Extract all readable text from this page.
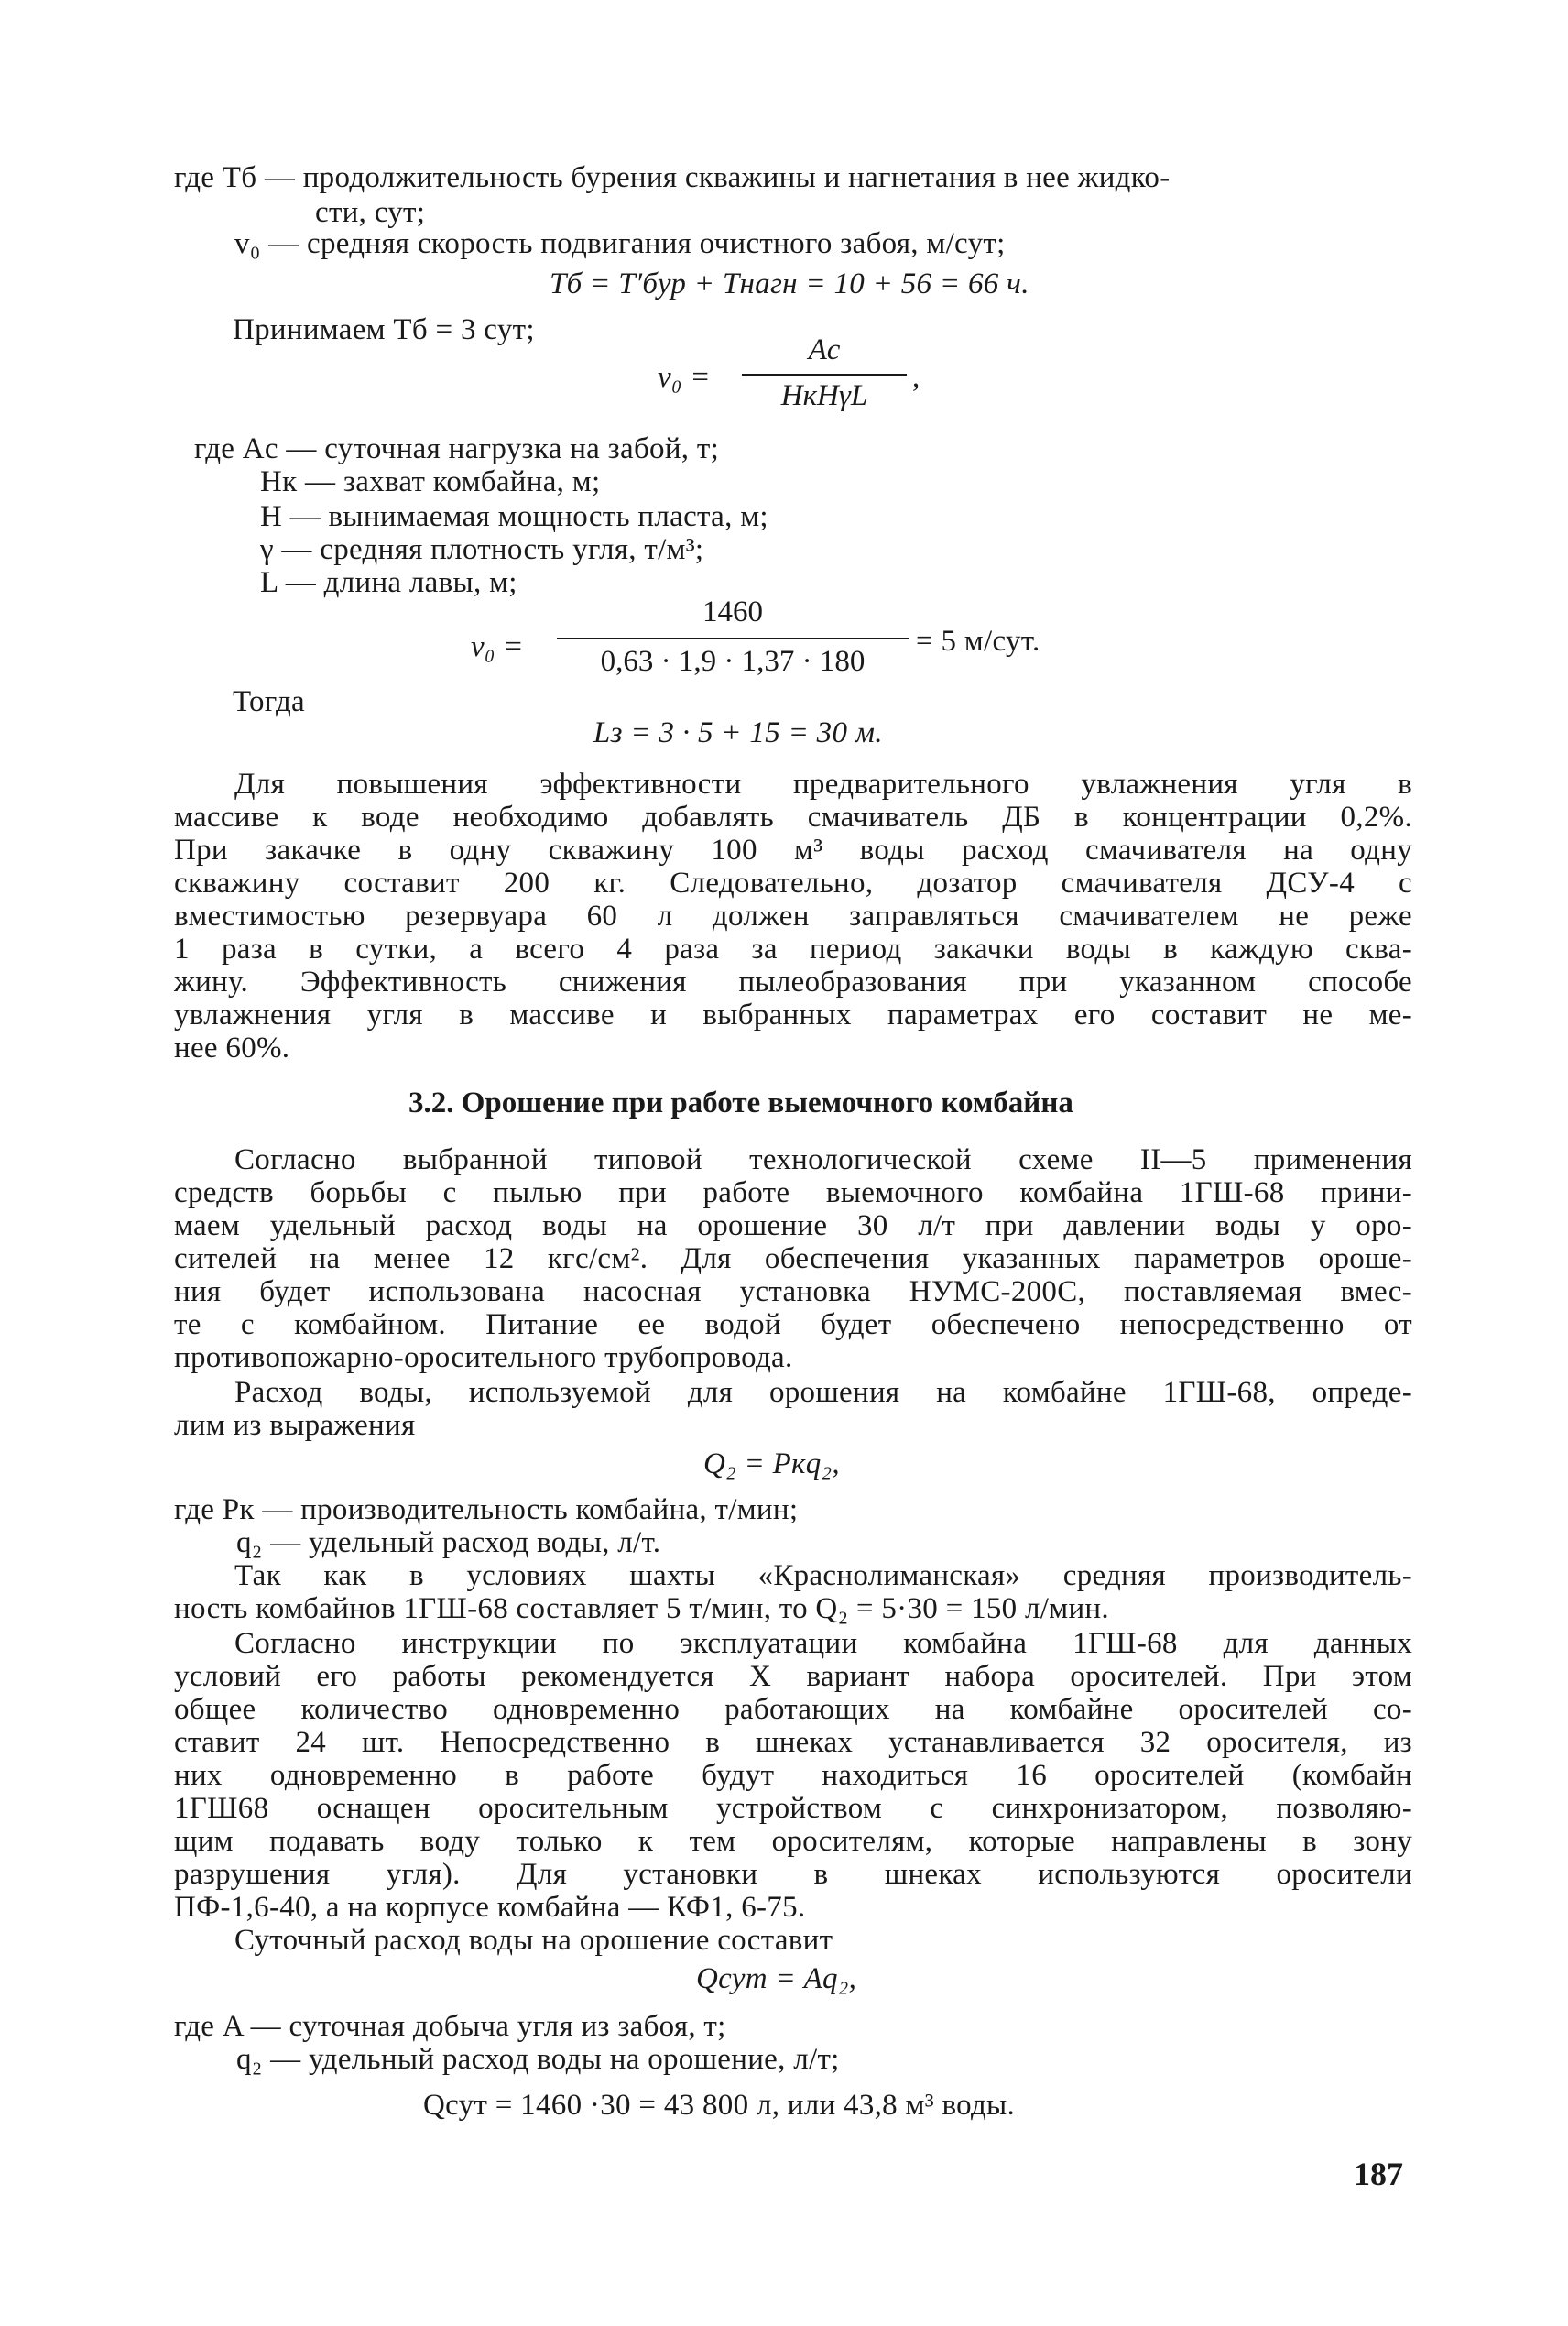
где Tб — продолжительность бурения скважины и нагнетания в нее жидко-
сти, сут;
v₀ — средняя скорость подвигания очистного забоя, м/сут;
Tб = T′бур + Tнагн = 10 + 56 = 66 ч.
Принимаем Tб = 3 сут;
v₀ =
Aс
HкHγL
,
где Aс — суточная нагрузка на забой, т;
Hк — захват комбайна, м;
H — вынимаемая мощность пласта, м;
γ — средняя плотность угля, т/м³;
L — длина лавы, м;
v₀ =
1460
0,63 · 1,9 · 1,37 · 180
= 5 м/сут.
Тогда
Lз = 3 · 5 + 15 = 30 м.
Для повышения эффективности предварительного увлажнения угля в
массиве к воде необходимо добавлять смачиватель ДБ в концентрации 0,2%.
При закачке в одну скважину 100 м³ воды расход смачивателя на одну
скважину составит 200 кг. Следовательно, дозатор смачивателя ДСУ-4 с
вместимостью резервуара 60 л должен заправляться смачивателем не реже
1 раза в сутки, а всего 4 раза за период закачки воды в каждую сква-
жину. Эффективность снижения пылеобразования при указанном способе
увлажнения угля в массиве и выбранных параметрах его составит не ме-
нее 60%.
3.2. Орошение при работе выемочного комбайна
Согласно выбранной типовой технологической схеме II—5 применения
средств борьбы с пылью при работе выемочного комбайна 1ГШ-68 прини-
маем удельный расход воды на орошение 30 л/т при давлении воды у оро-
сителей на менее 12 кгс/см². Для обеспечения указанных параметров ороше-
ния будет использована насосная установка НУМС-200С, поставляемая вмес-
те с комбайном. Питание ее водой будет обеспечено непосредственно от
противопожарно-оросительного трубопровода.
Расход воды, используемой для орошения на комбайне 1ГШ-68, опреде-
лим из выражения
Q₂ = Pкq₂,
где Pк — производительность комбайна, т/мин;
q₂ — удельный расход воды, л/т.
Так как в условиях шахты «Краснолиманская» средняя производитель-
ность комбайнов 1ГШ-68 составляет 5 т/мин, то Q₂ = 5·30 = 150 л/мин.
Согласно инструкции по эксплуатации комбайна 1ГШ-68 для данных
условий его работы рекомендуется X вариант набора оросителей. При этом
общее количество одновременно работающих на комбайне оросителей со-
ставит 24 шт. Непосредственно в шнеках устанавливается 32 оросителя, из
них одновременно в работе будут находиться 16 оросителей (комбайн
1ГШ68 оснащен оросительным устройством с синхронизатором, позволяю-
щим подавать воду только к тем оросителям, которые направлены в зону
разрушения угля). Для установки в шнеках используются оросители
ПФ-1,6-40, а на корпусе комбайна — КФ1, 6-75.
Суточный расход воды на орошение составит
Qсут = Aq₂,
где A — суточная добыча угля из забоя, т;
q₂ — удельный расход воды на орошение, л/т;
Qсут = 1460 ·30 = 43 800 л, или 43,8 м³ воды.
187
